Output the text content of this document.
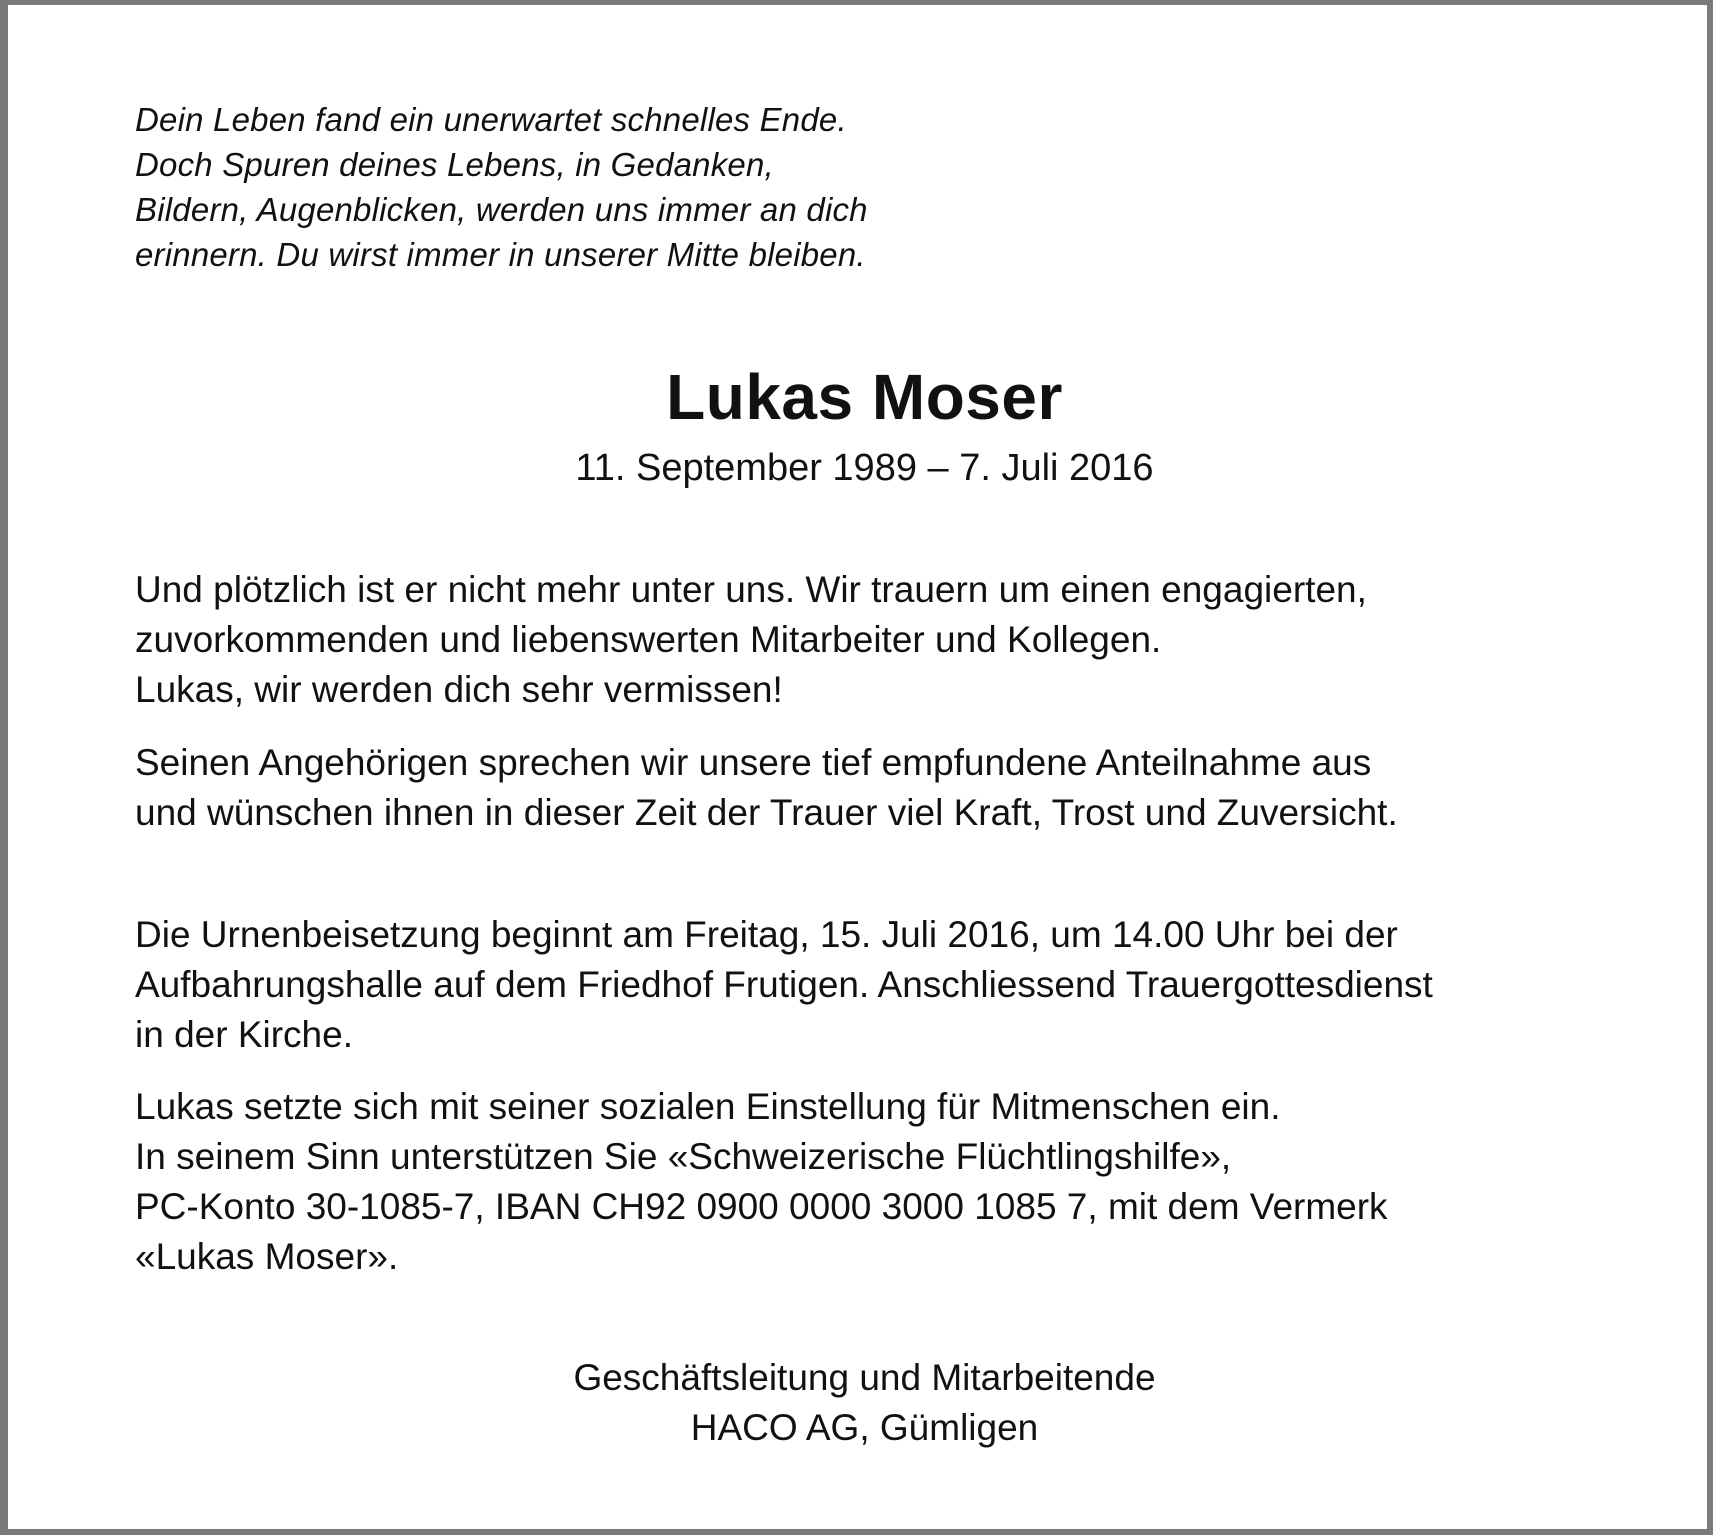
Dein Leben fand ein unerwartet schnelles Ende.
Doch Spuren deines Lebens, in Gedanken,
Bildern, Augenblicken, werden uns immer an dich
erinnern. Du wirst immer in unserer Mitte bleiben.
Lukas Moser
11. September 1989 – 7. Juli 2016
Und plötzlich ist er nicht mehr unter uns. Wir trauern um einen engagierten,
zuvorkommenden und liebenswerten Mitarbeiter und Kollegen.
Lukas, wir werden dich sehr vermissen!
Seinen Angehörigen sprechen wir unsere tief empfundene Anteilnahme aus
und wünschen ihnen in dieser Zeit der Trauer viel Kraft, Trost und Zuversicht.
Die Urnenbeisetzung beginnt am Freitag, 15. Juli 2016, um 14.00 Uhr bei der
Aufbahrungshalle auf dem Friedhof Frutigen. Anschliessend Trauergottesdienst
in der Kirche.
Lukas setzte sich mit seiner sozialen Einstellung für Mitmenschen ein.
In seinem Sinn unterstützen Sie «Schweizerische Flüchtlingshilfe»,
PC-Konto 30-1085-7, IBAN CH92 0900 0000 3000 1085 7, mit dem Vermerk
«Lukas Moser».
Geschäftsleitung und Mitarbeitende
HACO AG, Gümligen
